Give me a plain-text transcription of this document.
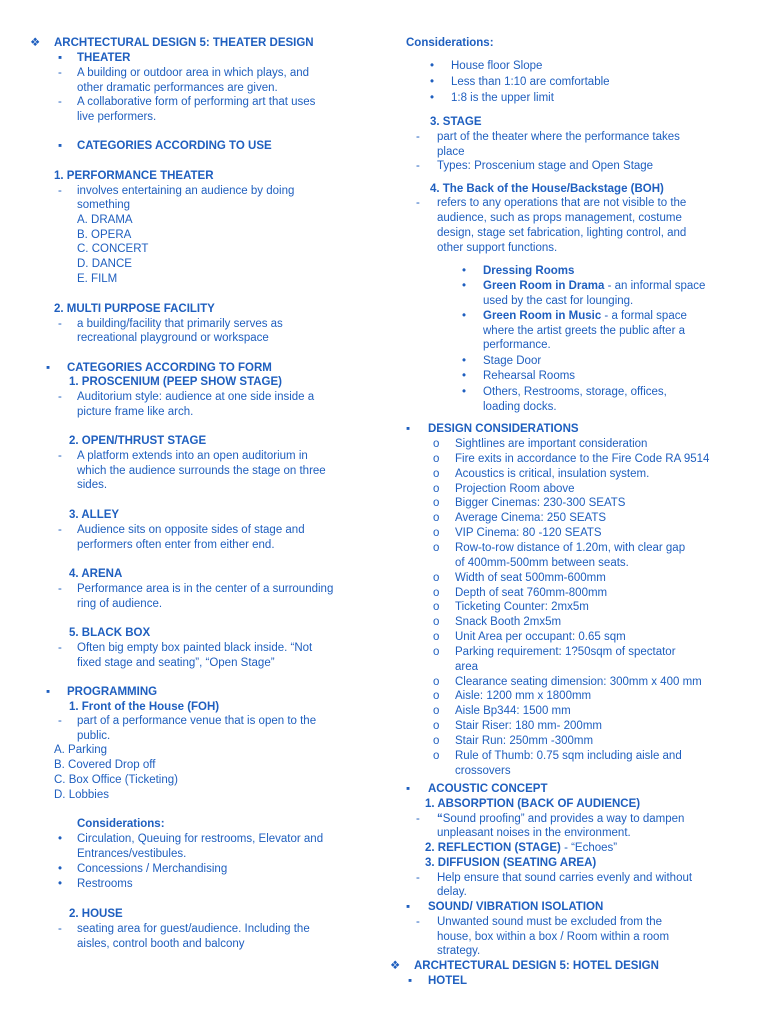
❖ ARCHTECTURAL DESIGN 5: THEATER DESIGN
▪ THEATER
- A building or outdoor area in which plays, and
other dramatic performances are given.
- A collaborative form of performing art that uses
live performers.
▪ CATEGORIES ACCORDING TO USE
1. PERFORMANCE THEATER
- involves entertaining an audience by doing
something
A. DRAMA
B. OPERA
C. CONCERT
D. DANCE
E. FILM
2. MULTI PURPOSE FACILITY
- a building/facility that primarily serves as
recreational playground or workspace
▪ CATEGORIES ACCORDING TO FORM
1. PROSCENIUM (PEEP SHOW STAGE)
- Auditorium style: audience at one side inside a
picture frame like arch.
2. OPEN/THRUST STAGE
- A platform extends into an open auditorium in
which the audience surrounds the stage on three
sides.
3. ALLEY
- Audience sits on opposite sides of stage and
performers often enter from either end.
4. ARENA
- Performance area is in the center of a surrounding
ring of audience.
5. BLACK BOX
- Often big empty box painted black inside. “Not
fixed stage and seating”, “Open Stage”
▪ PROGRAMMING
1. Front of the House (FOH)
- part of a performance venue that is open to the
public.
A. Parking
B. Covered Drop off
C. Box Office (Ticketing)
D. Lobbies
Considerations:
• Circulation, Queuing for restrooms, Elevator and
Entrances/vestibules.
• Concessions / Merchandising
• Restrooms
2. HOUSE
- seating area for guest/audience. Including the
aisles, control booth and balcony
Considerations:
• House floor Slope
• Less than 1:10 are comfortable
• 1:8 is the upper limit
3. STAGE
- part of the theater where the performance takes
place
- Types: Proscenium stage and Open Stage
4. The Back of the House/Backstage (BOH)
- refers to any operations that are not visible to the
audience, such as props management, costume
design, stage set fabrication, lighting control, and
other support functions.
• Dressing Rooms
• Green Room in Drama - an informal space
used by the cast for lounging.
• Green Room in Music - a formal space
where the artist greets the public after a
performance.
• Stage Door
• Rehearsal Rooms
• Others, Restrooms, storage, offices,
loading docks.
▪ DESIGN CONSIDERATIONS
o Sightlines are important consideration
o Fire exits in accordance to the Fire Code RA 9514
o Acoustics is critical, insulation system.
o Projection Room above
o Bigger Cinemas: 230-300 SEATS
o Average Cinema: 250 SEATS
o VIP Cinema: 80 -120 SEATS
o Row-to-row distance of 1.20m, with clear gap
of 400mm-500mm between seats.
o Width of seat 500mm-600mm
o Depth of seat 760mm-800mm
o Ticketing Counter: 2mx5m
o Snack Booth 2mx5m
o Unit Area per occupant: 0.65 sqm
o Parking requirement: 1?50sqm of spectator
area
o Clearance seating dimension: 300mm x 400 mm
o Aisle: 1200 mm x 1800mm
o Aisle Bp344: 1500 mm
o Stair Riser: 180 mm- 200mm
o Stair Run: 250mm -300mm
o Rule of Thumb: 0.75 sqm including aisle and
crossovers
▪ ACOUSTIC CONCEPT
1. ABSORPTION (BACK OF AUDIENCE)
- “Sound proofing” and provides a way to dampen
unpleasant noises in the environment.
2. REFLECTION (STAGE) - “Echoes”
3. DIFFUSION (SEATING AREA)
- Help ensure that sound carries evenly and without
delay.
▪ SOUND/ VIBRATION ISOLATION
- Unwanted sound must be excluded from the
house, box within a box / Room within a room
strategy.
❖ ARCHTECTURAL DESIGN 5: HOTEL DESIGN
▪ HOTEL
